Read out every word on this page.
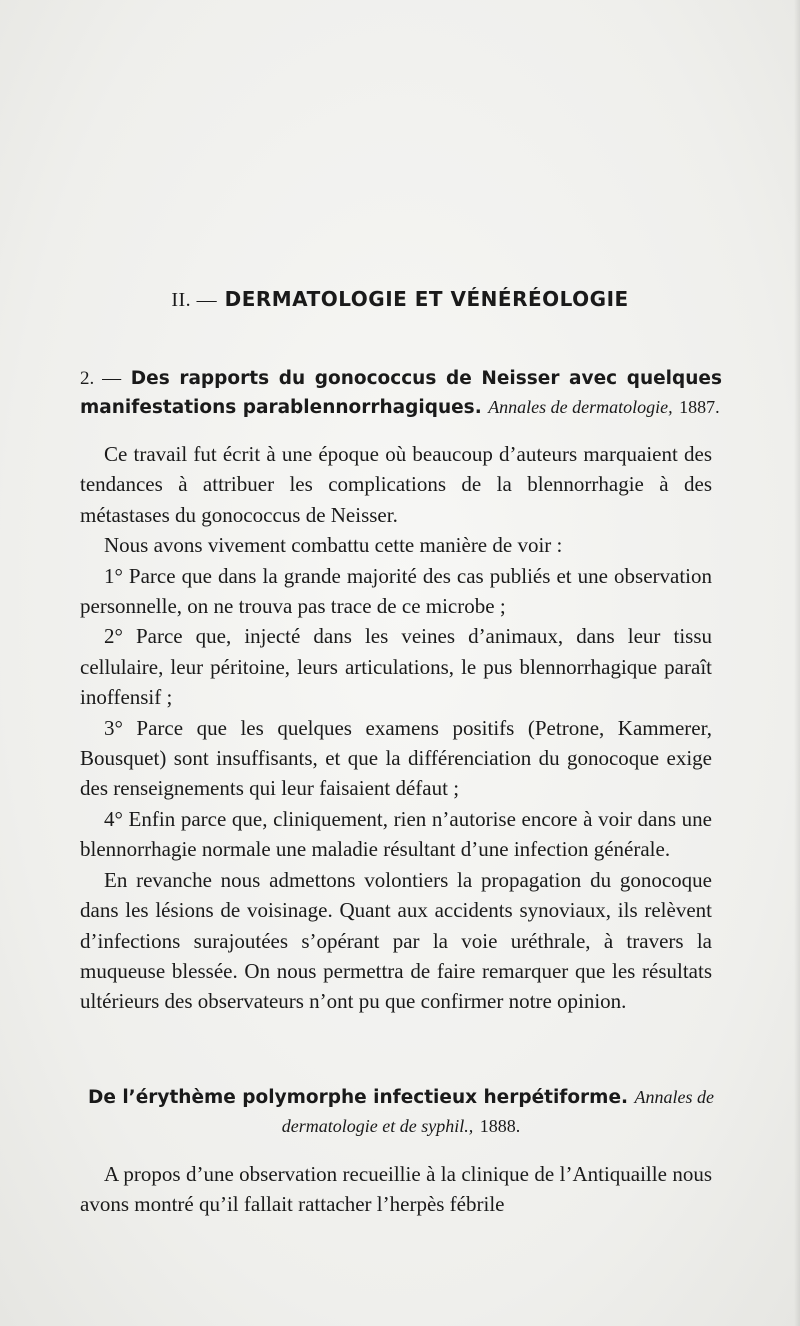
II. — DERMATOLOGIE ET VÉNÉRÉOLOGIE
2. — Des rapports du gonococcus de Neisser avec quelques manifestations parablennorrhagiques. Annales de dermatologie, 1887.

Ce travail fut écrit à une époque où beaucoup d’auteurs marquaient des tendances à attribuer les complications de la blennorrhagie à des métastases du gonococcus de Neisser.

Nous avons vivement combattu cette manière de voir :

1° Parce que dans la grande majorité des cas publiés et une observation personnelle, on ne trouva pas trace de ce microbe ;

2° Parce que, injecté dans les veines d’animaux, dans leur tissu cellulaire, leur péritoine, leurs articulations, le pus blennorrhagique paraît inoffensif ;

3° Parce que les quelques examens positifs (Petrone, Kammerer, Bousquet) sont insuffisants, et que la différenciation du gonocoque exige des renseignements qui leur faisaient défaut ;

4° Enfin parce que, cliniquement, rien n’autorise encore à voir dans une blennorrhagie normale une maladie résultant d’une infection générale.

En revanche nous admettons volontiers la propagation du gonocoque dans les lésions de voisinage. Quant aux accidents synoviaux, ils relèvent d’infections surajoutées s’opérant par la voie uréthrale, à travers la muqueuse blessée. On nous permettra de faire remarquer que les résultats ultérieurs des observateurs n’ont pu que confirmer notre opinion.

De l’érythème polymorphe infectieux herpétiforme. Annales de dermatologie et de syphil., 1888.

A propos d’une observation recueillie à la clinique de l’Antiquaille nous avons montré qu’il fallait rattacher l’herpès fébrile
